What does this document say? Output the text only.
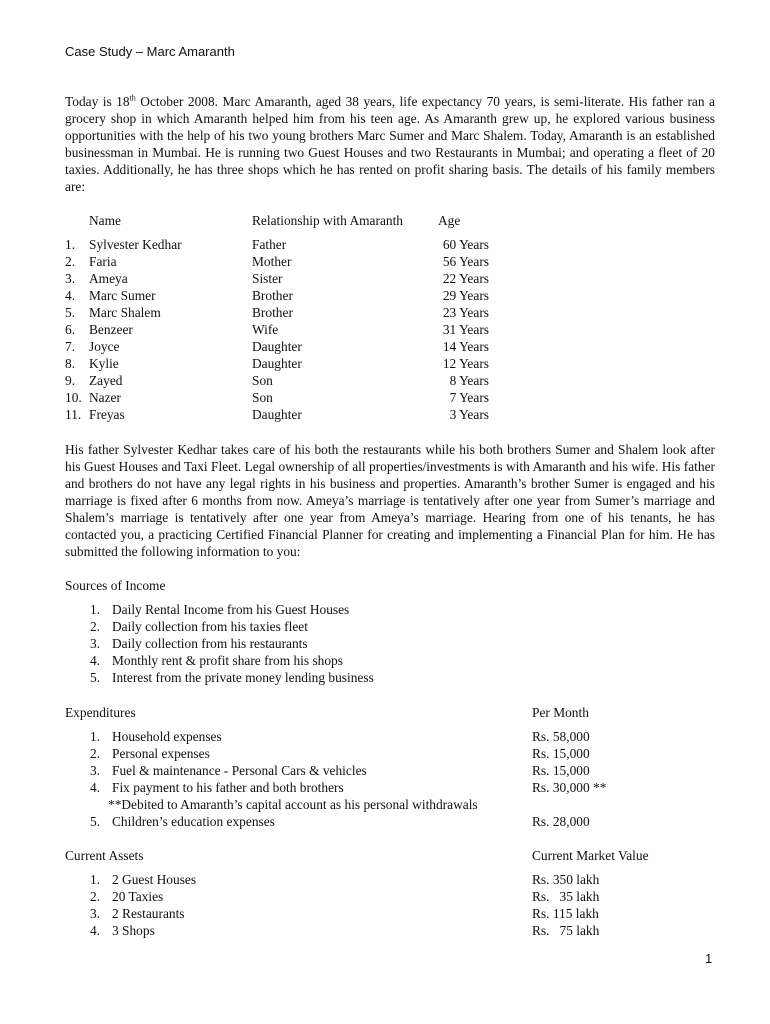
Case Study – Marc Amaranth
Today is 18th October 2008. Marc Amaranth, aged 38 years, life expectancy 70 years, is semi-literate. His father ran a grocery shop in which Amaranth helped him from his teen age. As Amaranth grew up, he explored various business opportunities with the help of his two young brothers Marc Sumer and Marc Shalem. Today, Amaranth is an established businessman in Mumbai. He is running two Guest Houses and two Restaurants in Mumbai; and operating a fleet of 20 taxies. Additionally, he has three shops which he has rented on profit sharing basis. The details of his family members are:
Name	Relationship with Amaranth	Age
1.	Sylvester Kedhar	Father	60 Years
2.	Faria	Mother	56 Years
3.	Ameya	Sister	22 Years
4.	Marc Sumer	Brother	29 Years
5.	Marc Shalem	Brother	23 Years
6.	Benzeer	Wife	31 Years
7.	Joyce	Daughter	14 Years
8.	Kylie	Daughter	12 Years
9.	Zayed	Son	8 Years
10. Nazer	Son	7 Years
11. Freyas	Daughter	3 Years
His father Sylvester Kedhar takes care of his both the restaurants while his both brothers Sumer and Shalem look after his Guest Houses and Taxi Fleet. Legal ownership of all properties/investments is with Amaranth and his wife. His father and brothers do not have any legal rights in his business and properties. Amaranth’s brother Sumer is engaged and his marriage is fixed after 6 months from now. Ameya’s marriage is tentatively after one year from Sumer’s marriage and Shalem’s marriage is tentatively after one year from Ameya’s marriage. Hearing from one of his tenants, he has contacted you, a practicing Certified Financial Planner for creating and implementing a Financial Plan for him. He has submitted the following information to you:
Sources of Income
1. Daily Rental Income from his Guest Houses
2. Daily collection from his taxies fleet
3. Daily collection from his restaurants
4. Monthly rent & profit share from his shops
5. Interest from the private money lending business
Expenditures	Per Month
1. Household expenses	Rs. 58,000
2. Personal expenses	Rs. 15,000
3. Fuel & maintenance - Personal Cars & vehicles	Rs. 15,000
4. Fix payment to his father and both brothers	Rs. 30,000 **
**Debited to Amaranth’s capital account as his personal withdrawals
5. Children’s education expenses	Rs. 28,000
Current Assets	Current Market Value
1. 2 Guest Houses	Rs. 350 lakh
2. 20 Taxies	Rs.   35 lakh
3. 2 Restaurants	Rs. 115 lakh
4. 3 Shops	Rs.   75 lakh
1
